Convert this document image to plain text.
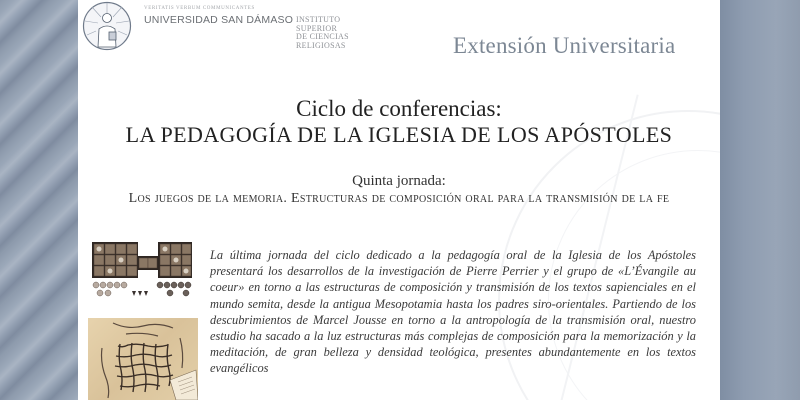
VERITATIS VERBUM COMMUNICANTES
UNIVERSIDAD SAN DÁMASO INSTITUTO
SUPERIOR
DE CIENCIAS
RELIGIOSAS	Extensión Universitaria
Ciclo de conferencias:
LA PEDAGOGÍA DE LA IGLESIA DE LOS APÓSTOLES
Quinta jornada:
Los juegos de la memoria. Estructuras de composición oral para la transmisión de la fe

La última jornada del ciclo dedicado a la pedagogía oral de la Iglesia de los Apóstoles presentará los desarrollos de la investigación de Pierre Perrier y el grupo de «L’Évangile au coeur» en torno a las estructuras de composición y transmisión de los textos sapienciales en el mundo semita, desde la antigua Mesopotamia hasta los padres siro-orientales. Partiendo de los descubrimientos de Marcel Jousse en torno a la antropología de la transmisión oral, nuestro estudio ha sacado a la luz estructuras más complejas de composición para la memorización y la meditación, de gran belleza y densidad teológica, presentes abundantemente en los textos evangélicos
